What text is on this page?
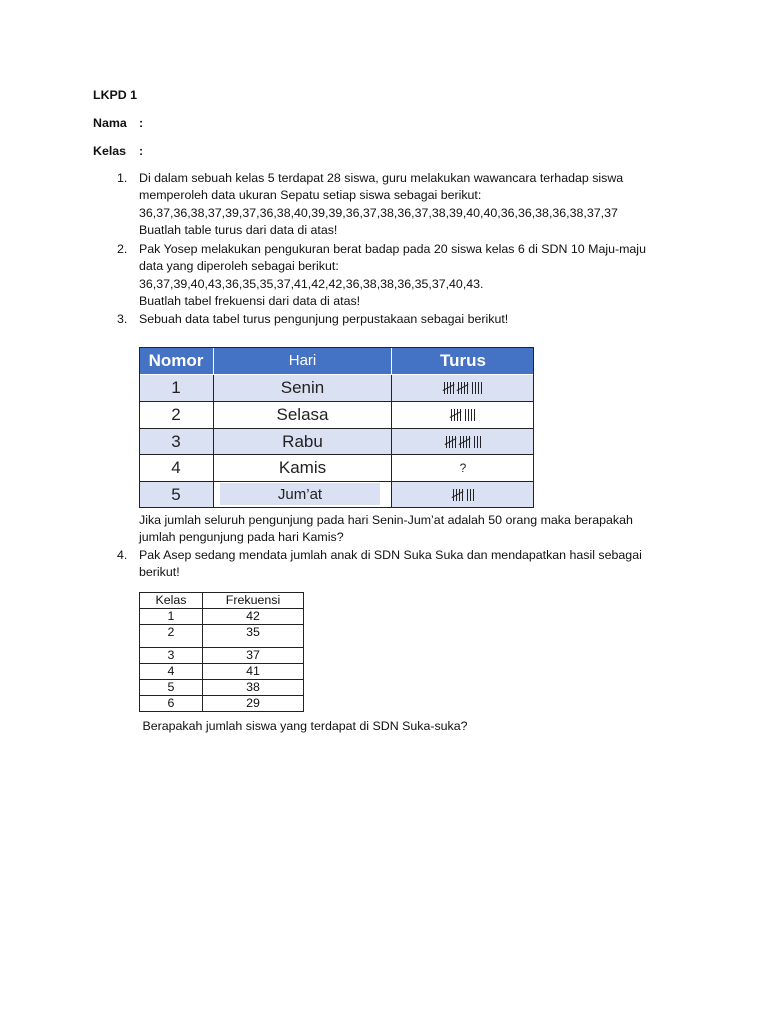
LKPD 1
Nama :
Kelas :
1. Di dalam sebuah kelas 5 terdapat 28 siswa, guru melakukan wawancara terhadap siswa
memperoleh data ukuran Sepatu setiap siswa sebagai berikut:
36,37,36,38,37,39,37,36,38,40,39,39,36,37,38,36,37,38,39,40,40,36,36,38,36,38,37,37
Buatlah table turus dari data di atas!
2. Pak Yosep melakukan pengukuran berat badap pada 20 siswa kelas 6 di SDN 10 Maju-maju
data yang diperoleh sebagai berikut:
36,37,39,40,43,36,35,35,37,41,42,42,36,38,38,36,35,37,40,43.
Buatlah tabel frekuensi dari data di atas!
3. Sebuah data tabel turus pengunjung perpustakaan sebagai berikut!
Nomor	Hari	Turus
1	Senin
2	Selasa
3	Rabu
4	Kamis	?
5	Jum’at
Jika jumlah seluruh pengunjung pada hari Senin-Jum’at adalah 50 orang maka berapakah
jumlah pengunjung pada hari Kamis?
4. Pak Asep sedang mendata jumlah anak di SDN Suka Suka dan mendapatkan hasil sebagai
berikut!
Kelas	Frekuensi
1	42
2	35
3	37
4	41
5	38
6	29
Berapakah jumlah siswa yang terdapat di SDN Suka-suka?
